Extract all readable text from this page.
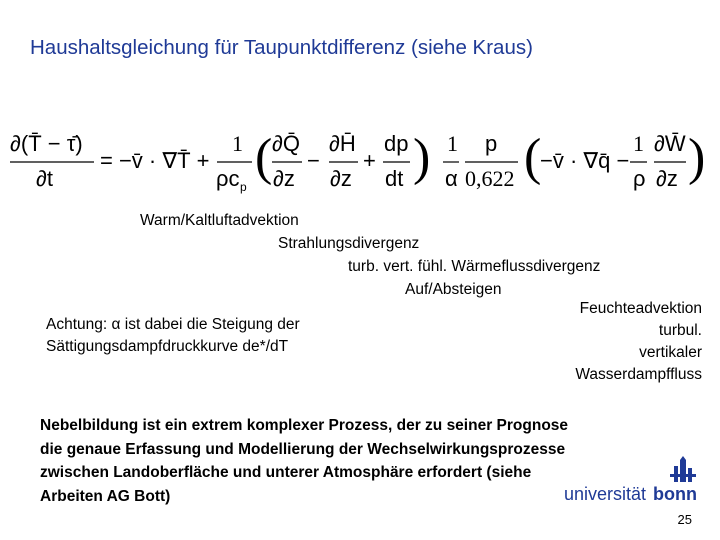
Haushaltsgleichung für Taupunktdifferenz (siehe Kraus)
∂(T̄ − τ̄)
∂t
= −v̄ · ∇T̄ +
1
ρc p
( ∂Q̄
∂z
−
∂H̄
∂z
+
dp
dt ) 1
α
p
0,622 (
−v̄ · ∇q̄ −
1
ρ
∂W̄
∂z )
Warm/Kaltluftadvektion
Strahlungsdivergenz
turb. vert. fühl. Wärmeflussdivergenz
Auf/Absteigen
Feuchteadvektion
turbul.
vertikaler
Wasserdampffluss
Achtung: α ist dabei die Steigung der
Sättigungsdampfdruckkurve de*/dT
Nebelbildung ist ein extrem komplexer Prozess, der zu seiner Prognose
die genaue Erfassung und Modellierung der Wechselwirkungsprozesse
zwischen Landoberfläche und unterer Atmosphäre erfordert (siehe
Arbeiten AG Bott)	universität bonn
25
